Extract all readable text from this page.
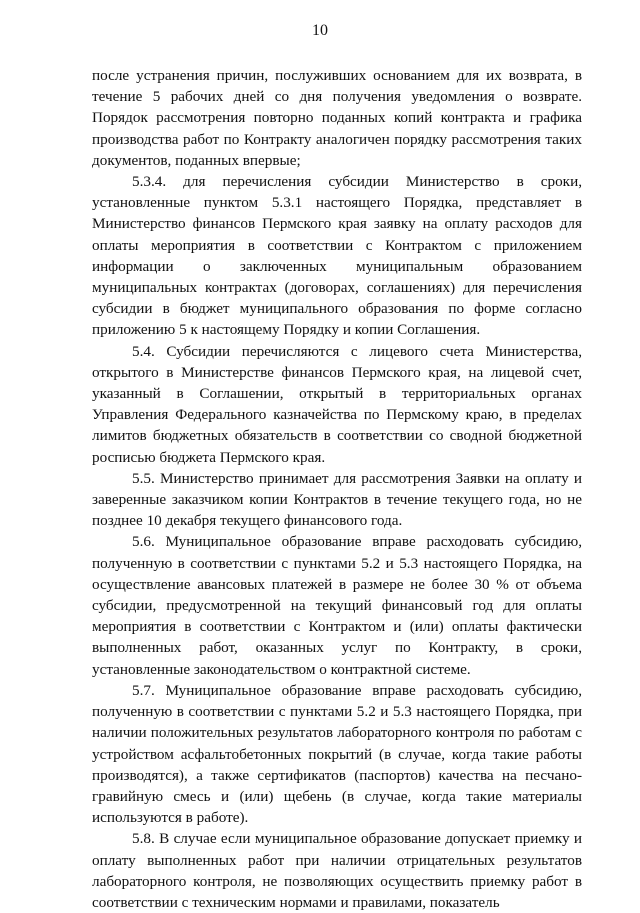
10

после устранения причин, послуживших основанием для их возврата, в течение 5 рабочих дней со дня получения уведомления о возврате. Порядок рассмотрения повторно поданных копий контракта и графика производства работ по Контракту аналогичен порядку рассмотрения таких документов, поданных впервые;

5.3.4. для перечисления субсидии Министерство в сроки, установленные пунктом 5.3.1 настоящего Порядка, представляет в Министерство финансов Пермского края заявку на оплату расходов для оплаты мероприятия в соответствии с Контрактом с приложением информации о заключенных муниципальным образованием муниципальных контрактах (договорах, соглашениях) для перечисления субсидии в бюджет муниципального образования по форме согласно приложению 5 к настоящему Порядку и копии Соглашения.

5.4. Субсидии перечисляются с лицевого счета Министерства, открытого в Министерстве финансов Пермского края, на лицевой счет, указанный в Соглашении, открытый в территориальных органах Управления Федерального казначейства по Пермскому краю, в пределах лимитов бюджетных обязательств в соответствии со сводной бюджетной росписью бюджета Пермского края.

5.5. Министерство принимает для рассмотрения Заявки на оплату и заверенные заказчиком копии Контрактов в течение текущего года, но не позднее 10 декабря текущего финансового года.

5.6. Муниципальное образование вправе расходовать субсидию, полученную в соответствии с пунктами 5.2 и 5.3 настоящего Порядка, на осуществление авансовых платежей в размере не более 30 % от объема субсидии, предусмотренной на текущий финансовый год для оплаты мероприятия в соответствии с Контрактом и (или) оплаты фактически выполненных работ, оказанных услуг по Контракту, в сроки, установленные законодательством о контрактной системе.

5.7. Муниципальное образование вправе расходовать субсидию, полученную в соответствии с пунктами 5.2 и 5.3 настоящего Порядка, при наличии положительных результатов лабораторного контроля по работам с устройством асфальтобетонных покрытий (в случае, когда такие работы производятся), а также сертификатов (паспортов) качества на песчано-гравийную смесь и (или) щебень (в случае, когда такие материалы используются в работе).

5.8. В случае если муниципальное образование допускает приемку и оплату выполненных работ при наличии отрицательных результатов лабораторного контроля, не позволяющих осуществить приемку работ в соответствии с техническим нормами и правилами, показатель
